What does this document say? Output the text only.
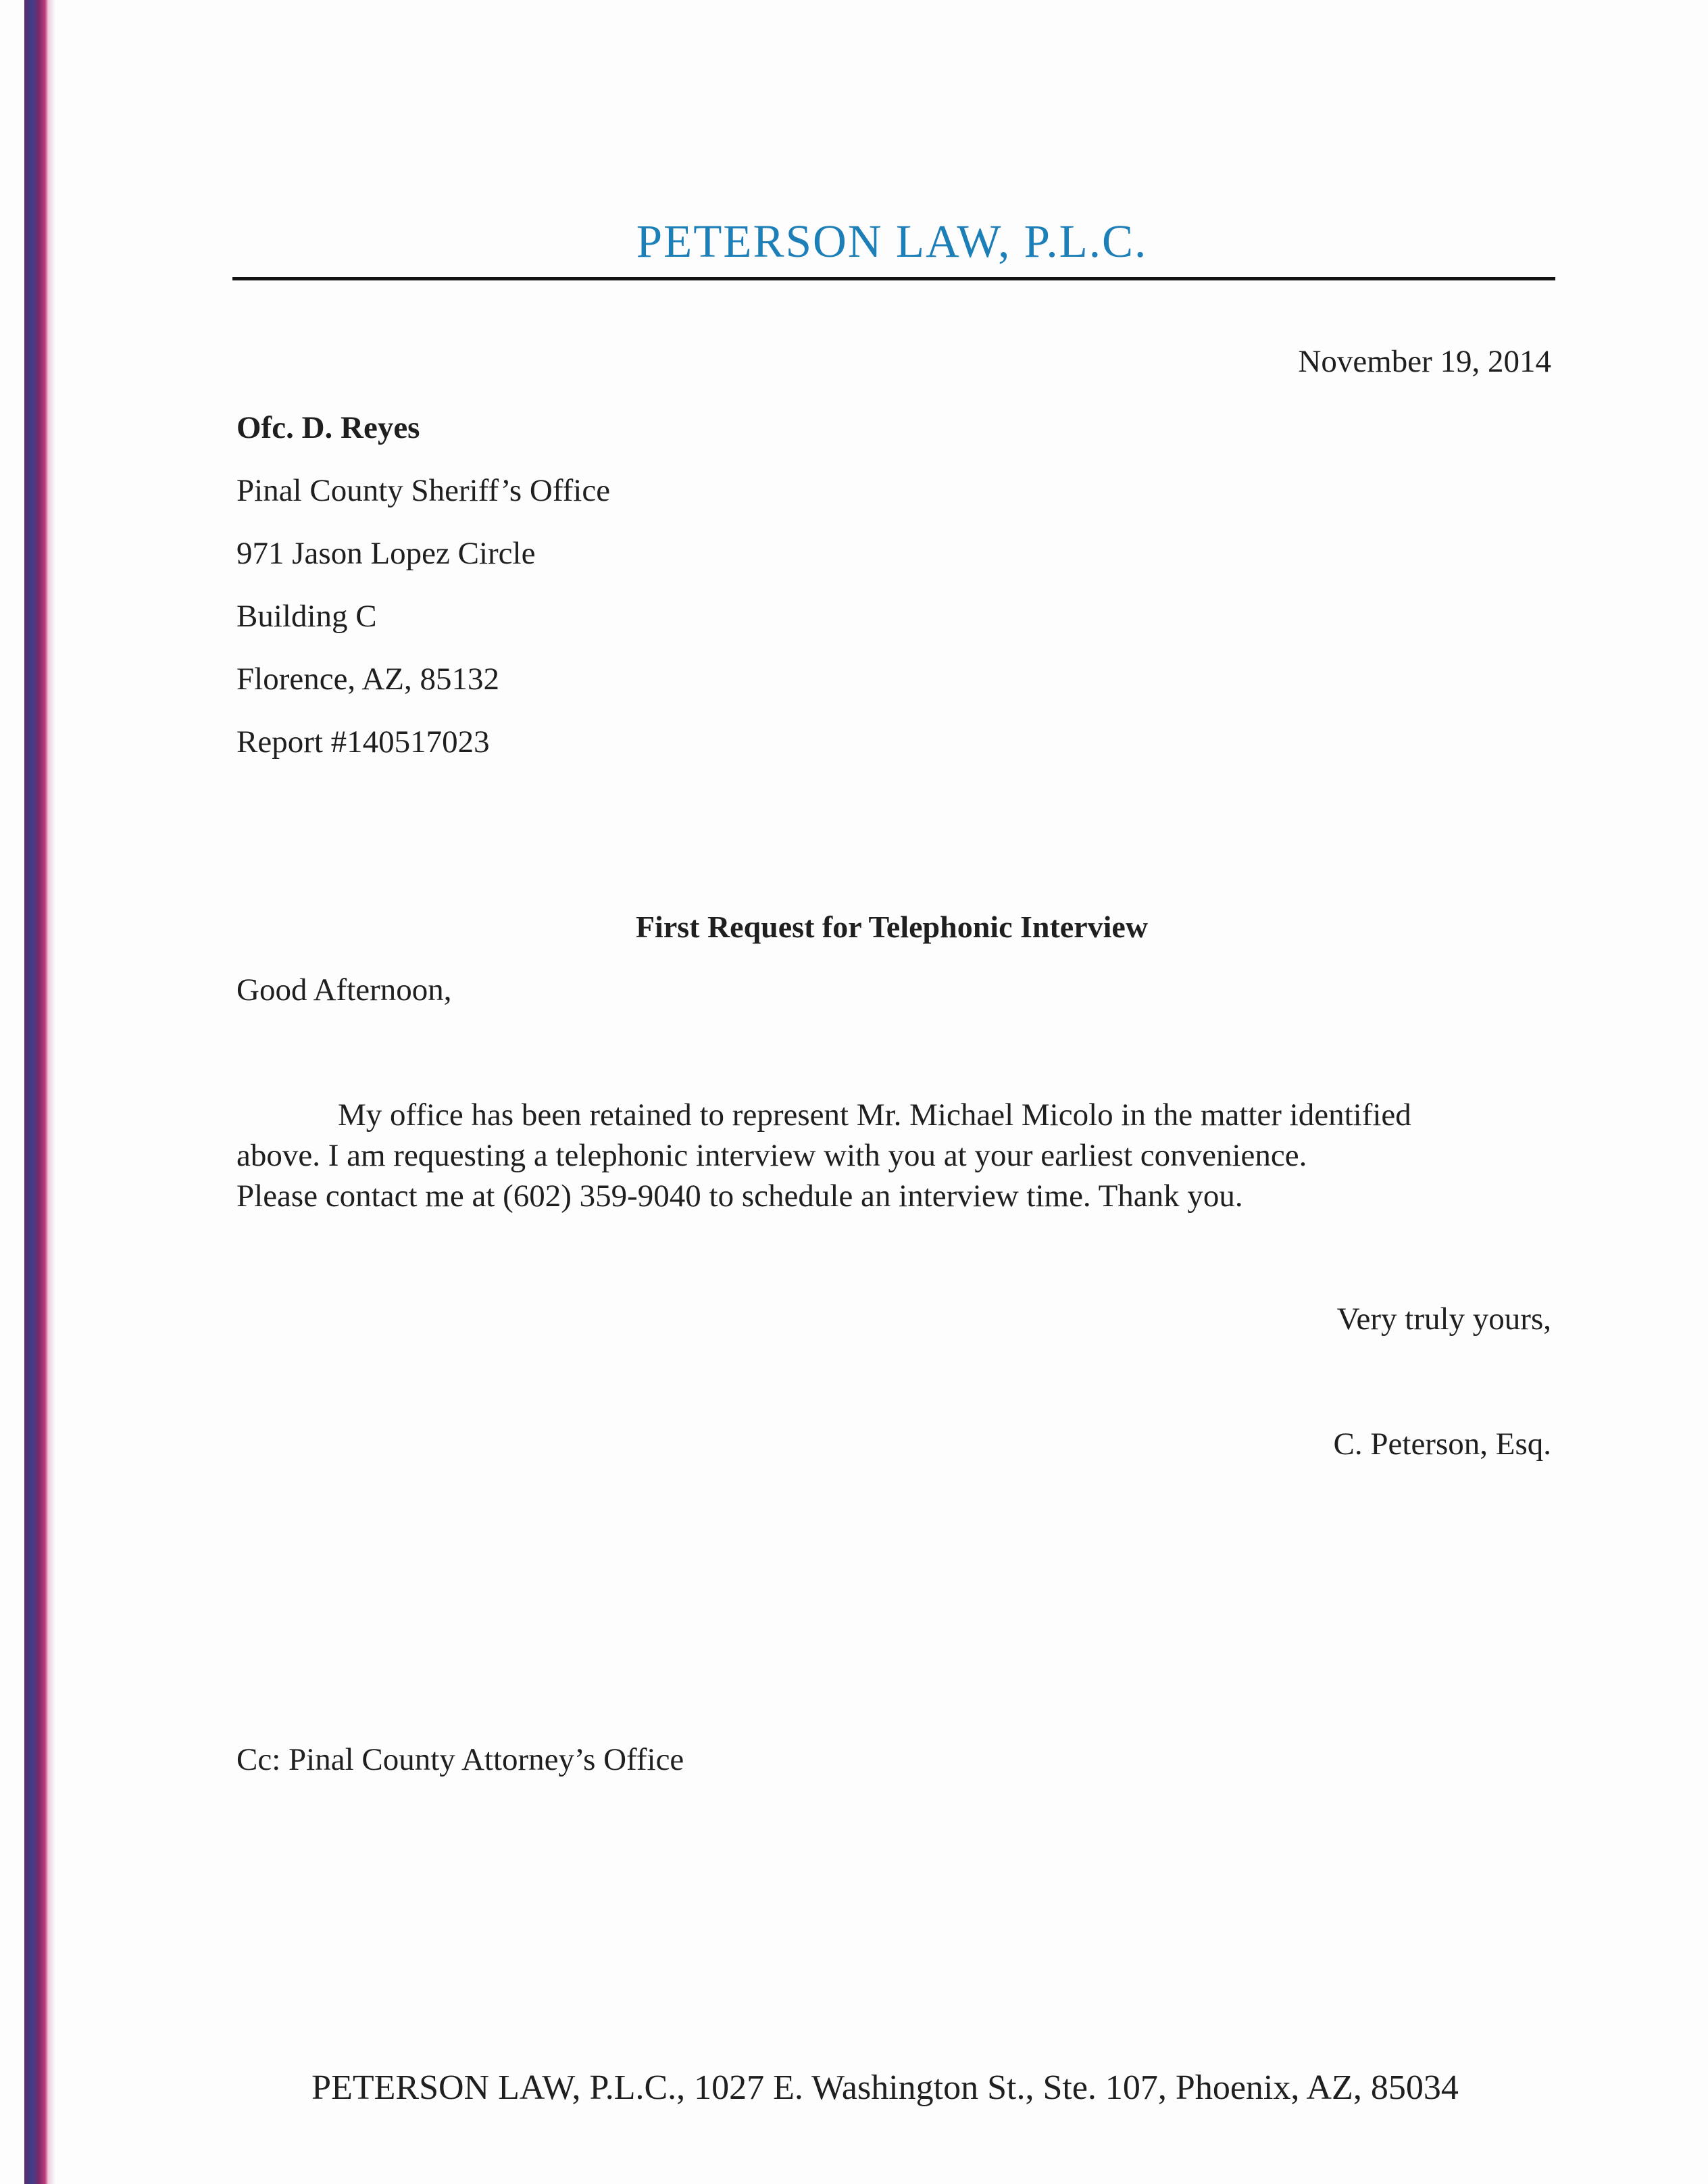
PETERSON LAW, P.L.C.
November 19, 2014
Ofc. D. Reyes
Pinal County Sheriff’s Office
971 Jason Lopez Circle
Building C
Florence, AZ, 85132
Report #140517023
First Request for Telephonic Interview
Good Afternoon,
My office has been retained to represent Mr. Michael Micolo in the matter identified
above. I am requesting a telephonic interview with you at your earliest convenience.
Please contact me at (602) 359-9040 to schedule an interview time. Thank you.
Very truly yours,
C. Peterson, Esq.
Cc: Pinal County Attorney’s Office
PETERSON LAW, P.L.C., 1027 E. Washington St., Ste. 107, Phoenix, AZ, 85034
